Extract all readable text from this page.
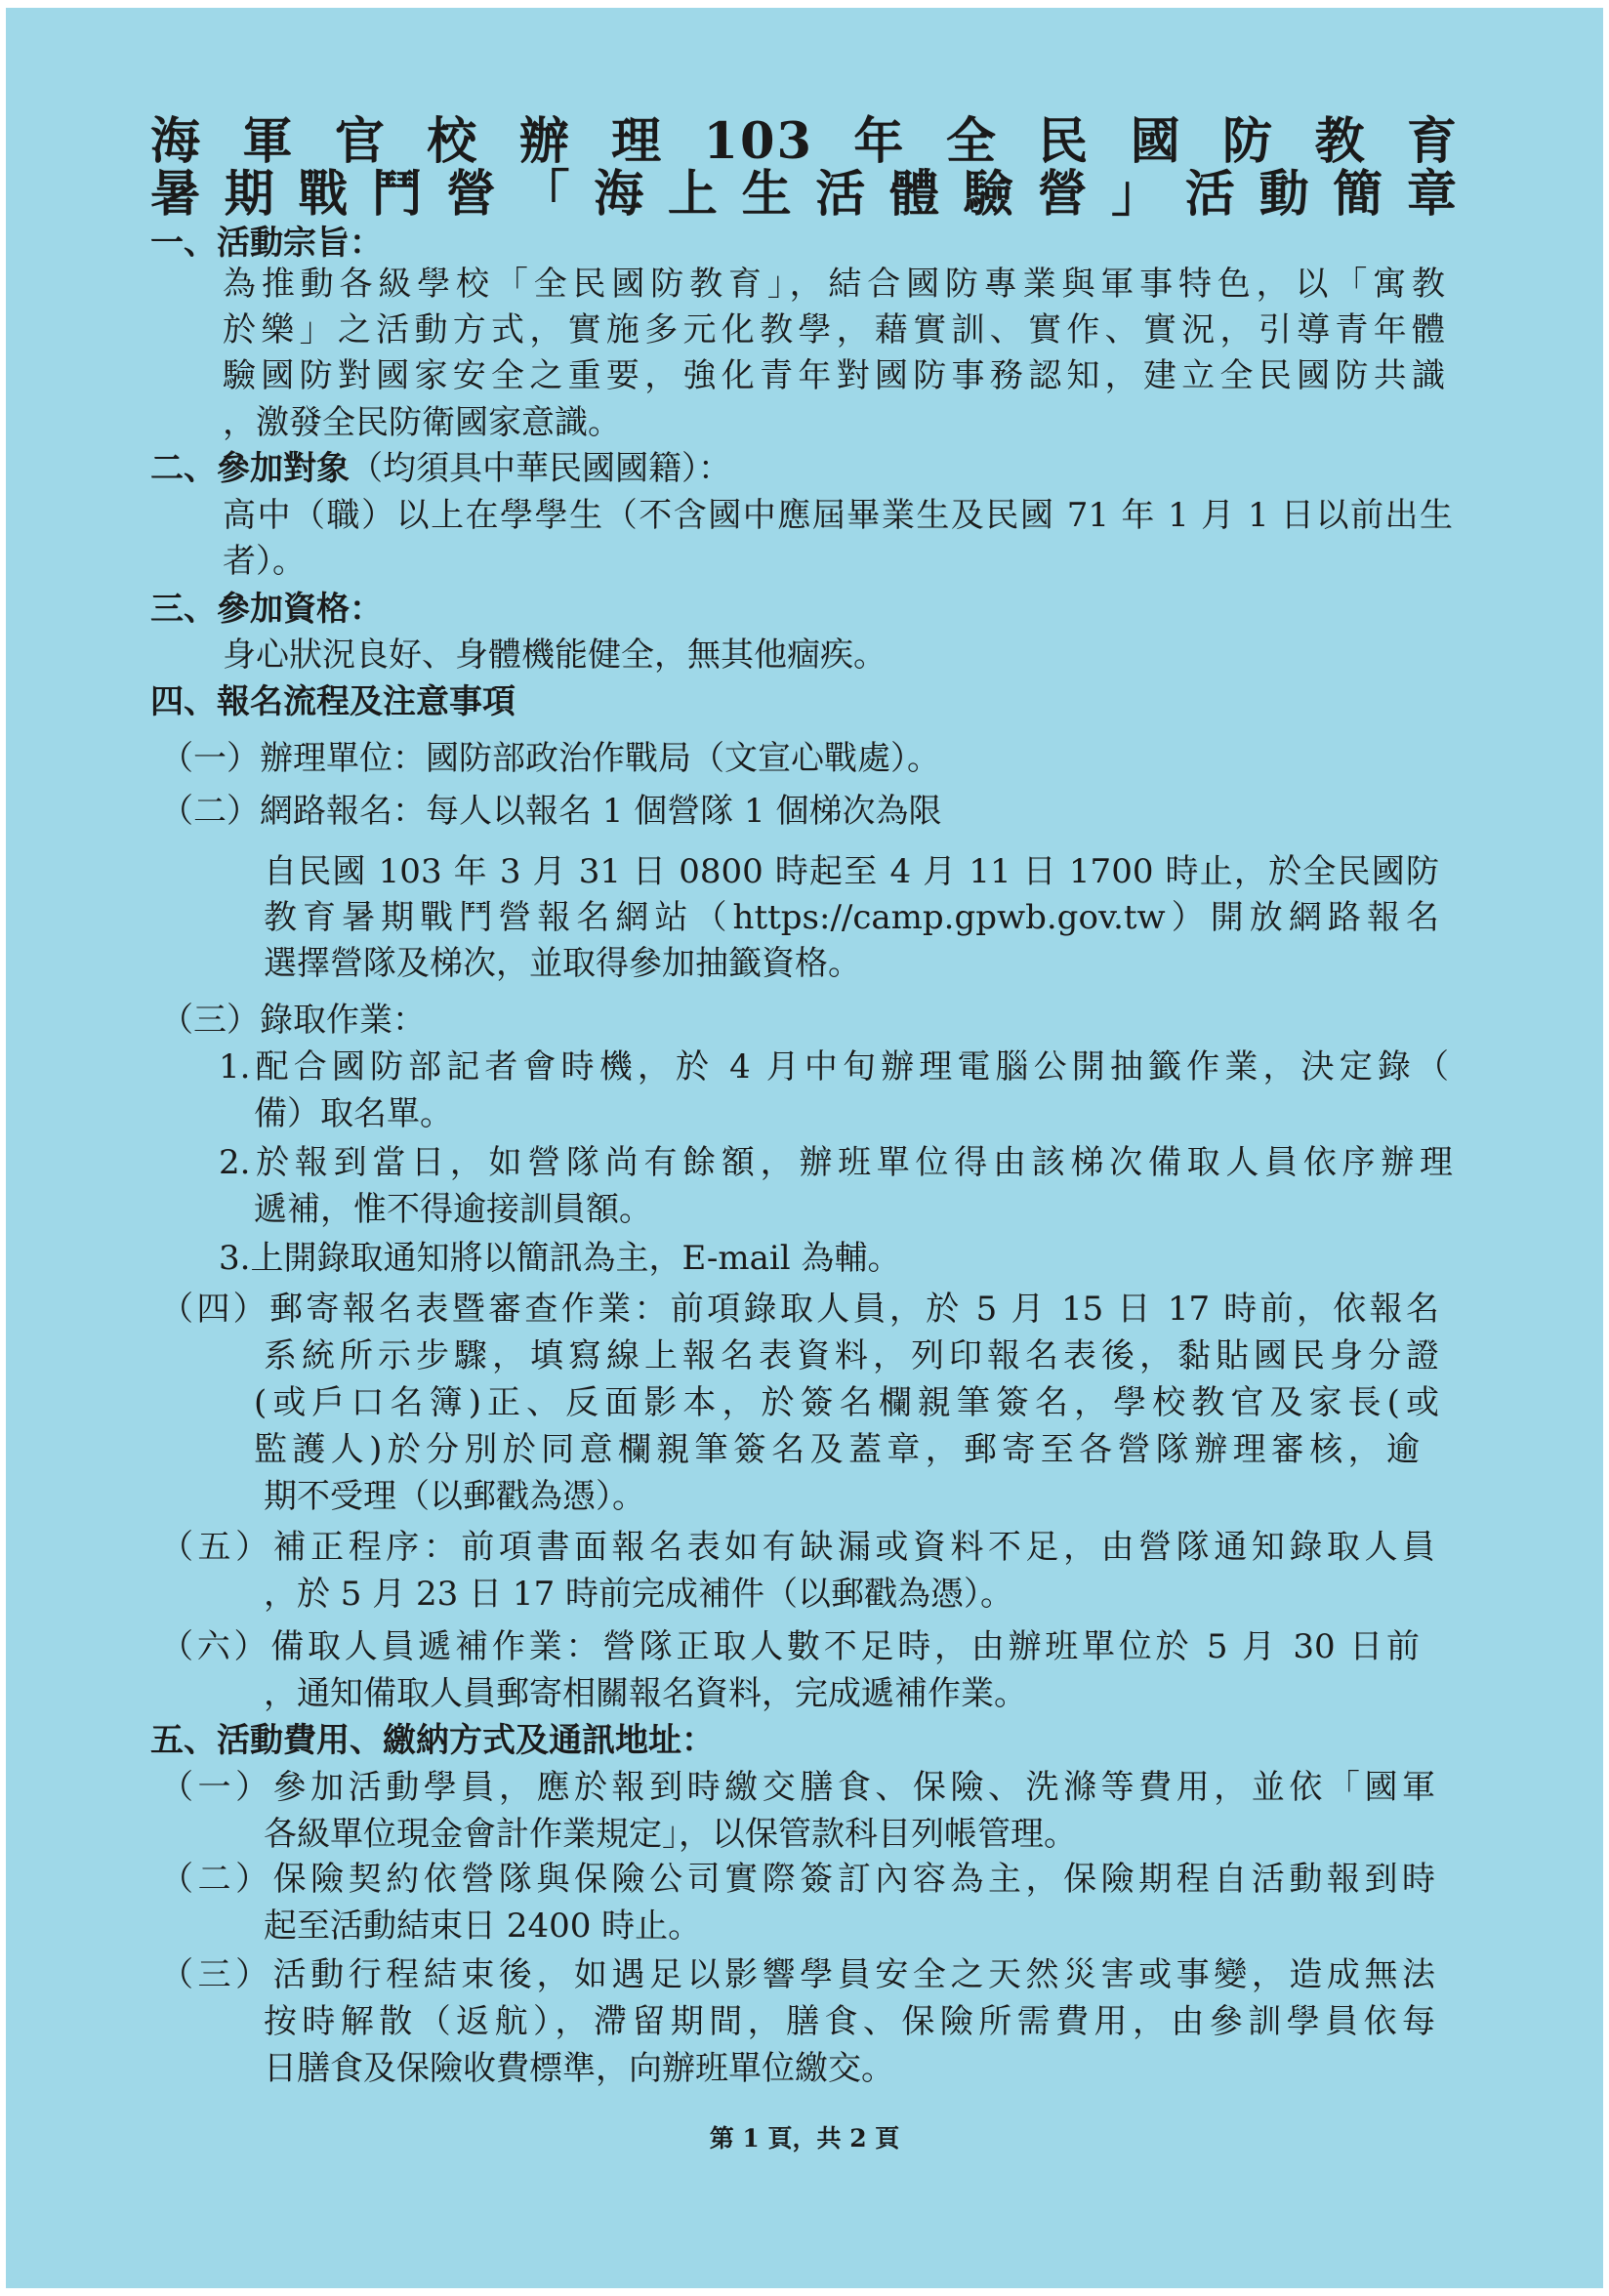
海軍官校辦理103年全民國防教育
暑期戰鬥營「海上生活體驗營」活動簡章
一、活動宗旨：
為推動各級學校「全民國防教育」，結合國防專業與軍事特色，以「寓教
於樂」之活動方式，實施多元化教學，藉實訓、實作、實況，引導青年體
驗國防對國家安全之重要，強化青年對國防事務認知，建立全民國防共識
，激發全民防衛國家意識。
二、參加對象（均須具中華民國國籍）：
高中（職）以上在學學生（不含國中應屆畢業生及民國 71 年 1 月 1 日以前出生
者）。
三、參加資格：
身心狀況良好、身體機能健全，無其他痼疾。
四、報名流程及注意事項
（一）辦理單位：國防部政治作戰局（文宣心戰處）。
（二）網路報名：每人以報名 1 個營隊 1 個梯次為限
自民國 103 年 3 月 31 日 0800 時起至 4 月 11 日 1700 時止，於全民國防
教育暑期戰鬥營報名網站（https://camp.gpwb.gov.tw）開放網路報名
選擇營隊及梯次，並取得參加抽籤資格。
（三）錄取作業：
1.配合國防部記者會時機，於 4 月中旬辦理電腦公開抽籤作業，決定錄（
備）取名單。
2.於報到當日，如營隊尚有餘額，辦班單位得由該梯次備取人員依序辦理
遞補，惟不得逾接訓員額。
3.上開錄取通知將以簡訊為主，E-mail 為輔。
（四）郵寄報名表暨審查作業：前項錄取人員，於 5 月 15 日 17 時前，依報名
系統所示步驟，填寫線上報名表資料，列印報名表後，黏貼國民身分證
(或戶口名簿)正、反面影本，於簽名欄親筆簽名，學校教官及家長(或
監護人)於分別於同意欄親筆簽名及蓋章，郵寄至各營隊辦理審核，逾
期不受理（以郵戳為憑）。
（五）補正程序：前項書面報名表如有缺漏或資料不足，由營隊通知錄取人員
，於 5 月 23 日 17 時前完成補件（以郵戳為憑）。
（六）備取人員遞補作業：營隊正取人數不足時，由辦班單位於 5 月 30 日前
，通知備取人員郵寄相關報名資料，完成遞補作業。
五、活動費用、繳納方式及通訊地址：
（一）參加活動學員，應於報到時繳交膳食、保險、洗滌等費用，並依「國軍
各級單位現金會計作業規定」，以保管款科目列帳管理。
（二）保險契約依營隊與保險公司實際簽訂內容為主，保險期程自活動報到時
起至活動結束日 2400 時止。
（三）活動行程結束後，如遇足以影響學員安全之天然災害或事變，造成無法
按時解散（返航），滯留期間，膳食、保險所需費用，由參訓學員依每
日膳食及保險收費標準，向辦班單位繳交。
第 1 頁，共 2 頁
